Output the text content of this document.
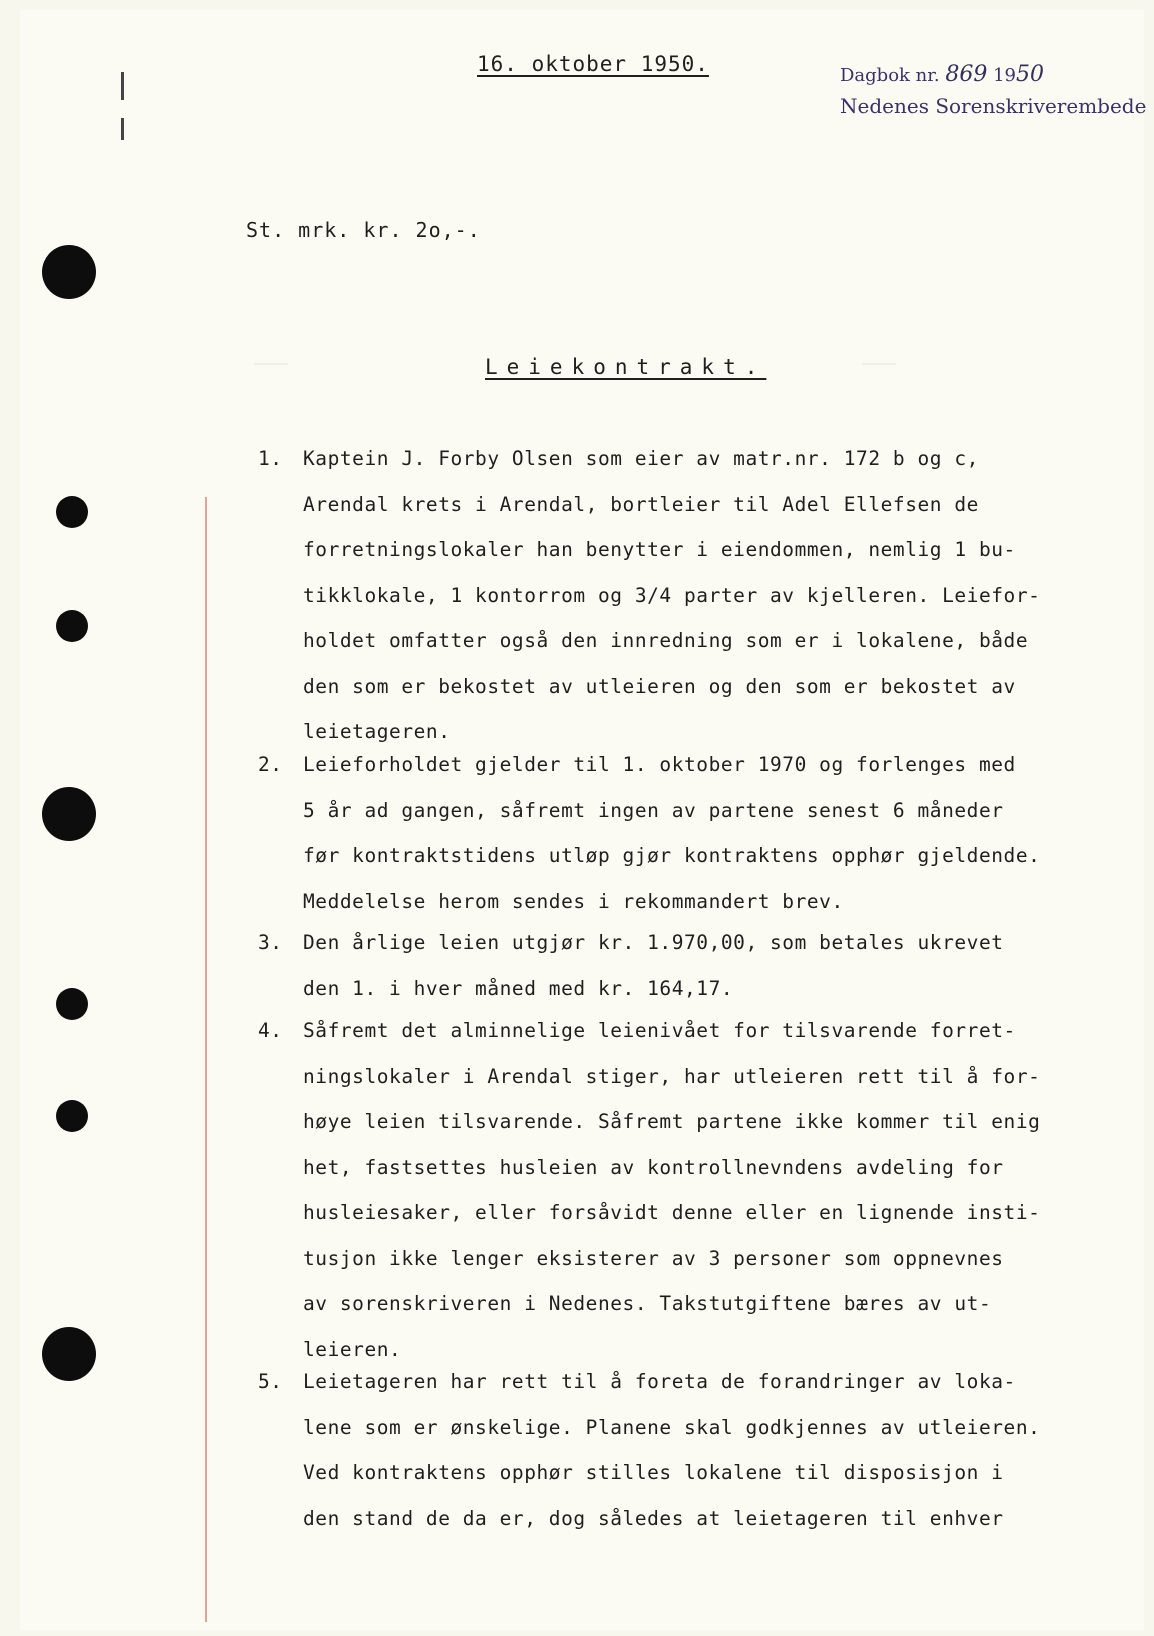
————	————
16. oktober 1950.	Dagbok nr. 869 1950
Nedenes Sorenskriverembede
St. mrk. kr. 2o,-.
Leiekontrakt.
1.	Kaptein J. Forby Olsen som eier av matr.nr. 172 b og c,
Arendal krets i Arendal, bortleier til Adel Ellefsen de
forretningslokaler han benytter i eiendommen, nemlig 1 bu-
tikklokale, 1 kontorrom og 3/4 parter av kjelleren. Leiefor-
holdet omfatter også den innredning som er i lokalene, både
den som er bekostet av utleieren og den som er bekostet av
leietageren.
2.	Leieforholdet gjelder til 1. oktober 1970 og forlenges med
5 år ad gangen, såfremt ingen av partene senest 6 måneder
før kontraktstidens utløp gjør kontraktens opphør gjeldende.
Meddelelse herom sendes i rekommandert brev.
3.	Den årlige leien utgjør kr. 1.970,00, som betales ukrevet
den 1. i hver måned med kr. 164,17.
4.	Såfremt det alminnelige leienivået for tilsvarende forret-
ningslokaler i Arendal stiger, har utleieren rett til å for-
høye leien tilsvarende. Såfremt partene ikke kommer til enig
het, fastsettes husleien av kontrollnevndens avdeling for
husleiesaker, eller forsåvidt denne eller en lignende insti-
tusjon ikke lenger eksisterer av 3 personer som oppnevnes
av sorenskriveren i Nedenes. Takstutgiftene bæres av ut-
leieren.
5.	Leietageren har rett til å foreta de forandringer av loka-
lene som er ønskelige. Planene skal godkjennes av utleieren.
Ved kontraktens opphør stilles lokalene til disposisjon i
den stand de da er, dog således at leietageren til enhver
